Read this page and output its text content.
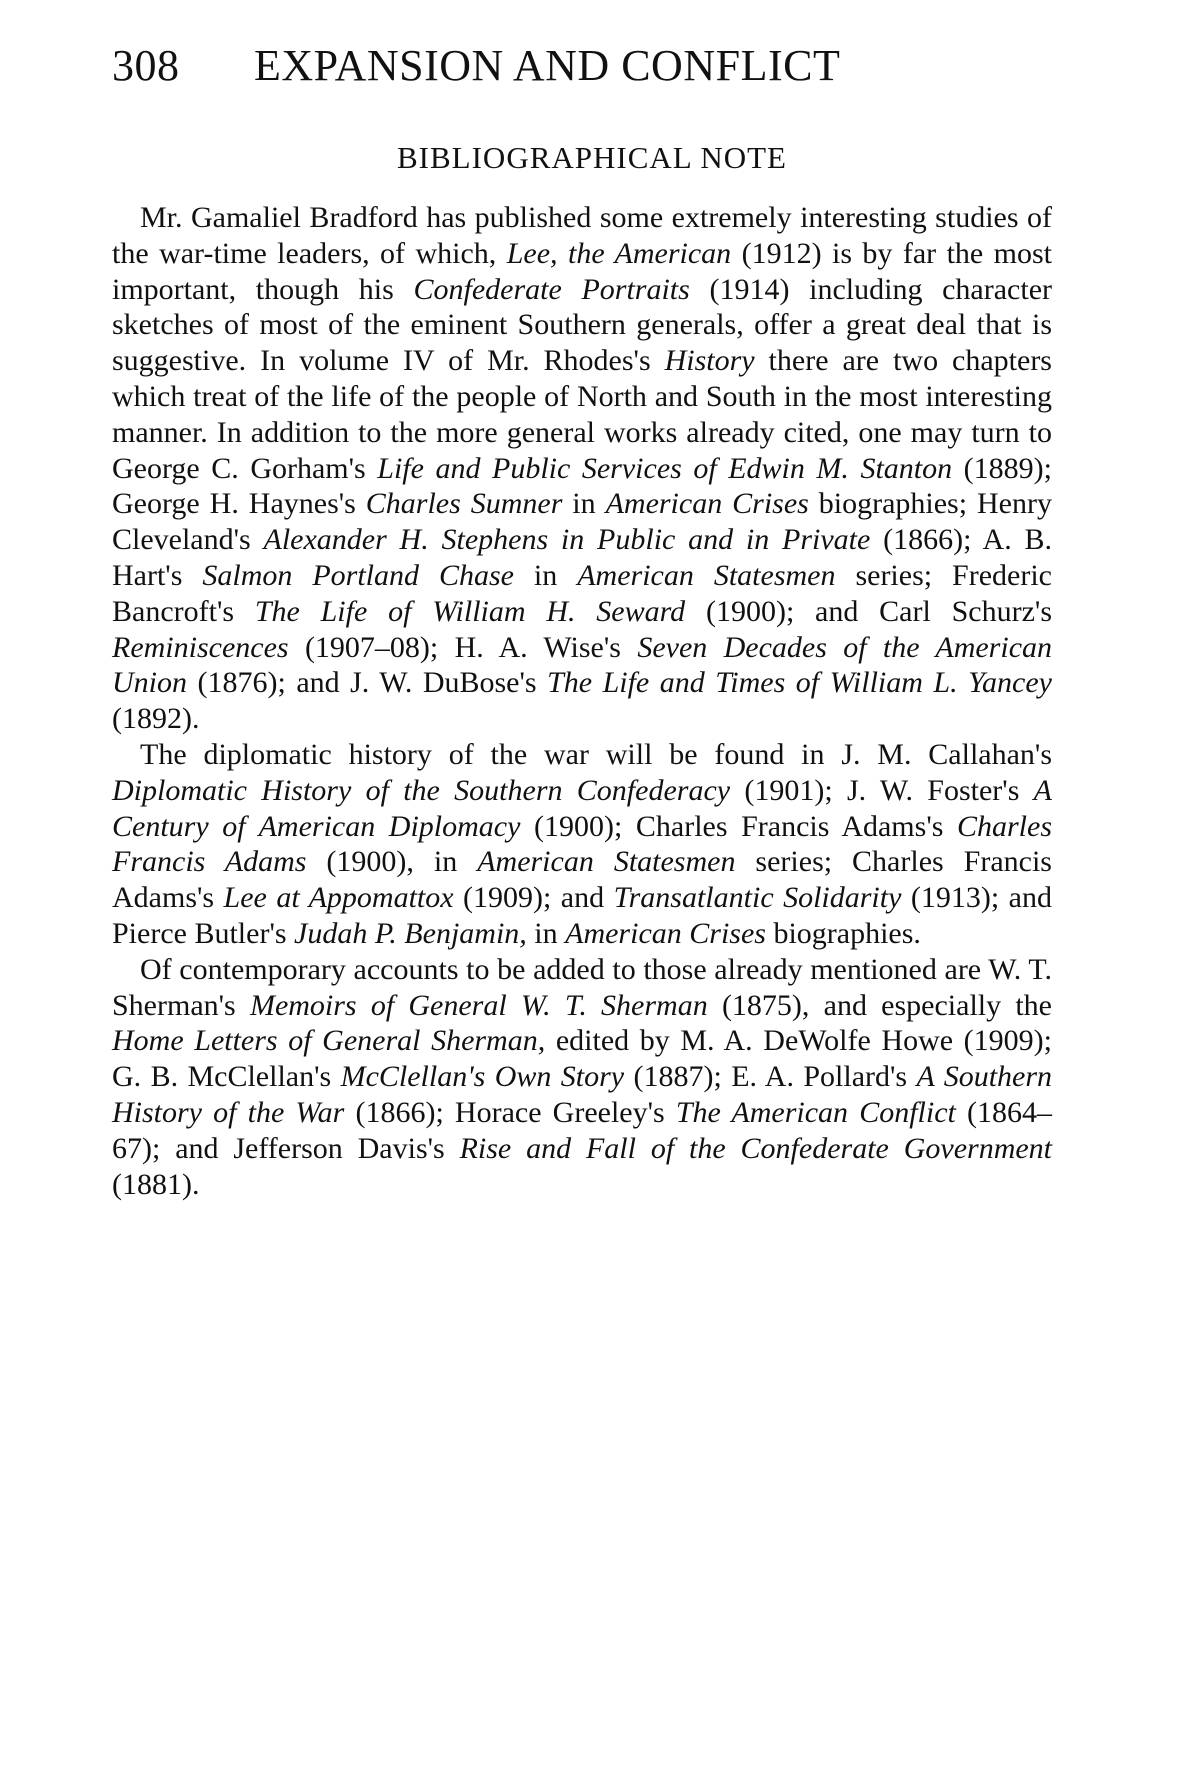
308 EXPANSION AND CONFLICT
BIBLIOGRAPHICAL NOTE

Mr. Gamaliel Bradford has published some extremely interesting studies of the war-time leaders, of which, Lee, the American (1912) is by far the most important, though his Confederate Portraits (1914) including character sketches of most of the eminent Southern generals, offer a great deal that is suggestive. In volume IV of Mr. Rhodes's History there are two chapters which treat of the life of the people of North and South in the most interesting manner. In addition to the more general works already cited, one may turn to George C. Gorham's Life and Public Services of Edwin M. Stanton (1889); George H. Haynes's Charles Sumner in American Crises biographies; Henry Cleveland's Alexander H. Stephens in Public and in Private (1866); A. B. Hart's Salmon Portland Chase in American Statesmen series; Frederic Bancroft's The Life of William H. Seward (1900); and Carl Schurz's Reminiscences (1907–08); H. A. Wise's Seven Decades of the American Union (1876); and J. W. DuBose's The Life and Times of William L. Yancey (1892).

The diplomatic history of the war will be found in J. M. Callahan's Diplomatic History of the Southern Confederacy (1901); J. W. Foster's A Century of American Diplomacy (1900); Charles Francis Adams's Charles Francis Adams (1900), in American Statesmen series; Charles Francis Adams's Lee at Appomattox (1909); and Transatlantic Solidarity (1913); and Pierce Butler's Judah P. Benjamin, in American Crises biographies.

Of contemporary accounts to be added to those already mentioned are W. T. Sherman's Memoirs of General W. T. Sherman (1875), and especially the Home Letters of General Sherman, edited by M. A. DeWolfe Howe (1909); G. B. McClellan's McClellan's Own Story (1887); E. A. Pollard's A Southern History of the War (1866); Horace Greeley's The American Conflict (1864–67); and Jefferson Davis's Rise and Fall of the Confederate Government (1881).
